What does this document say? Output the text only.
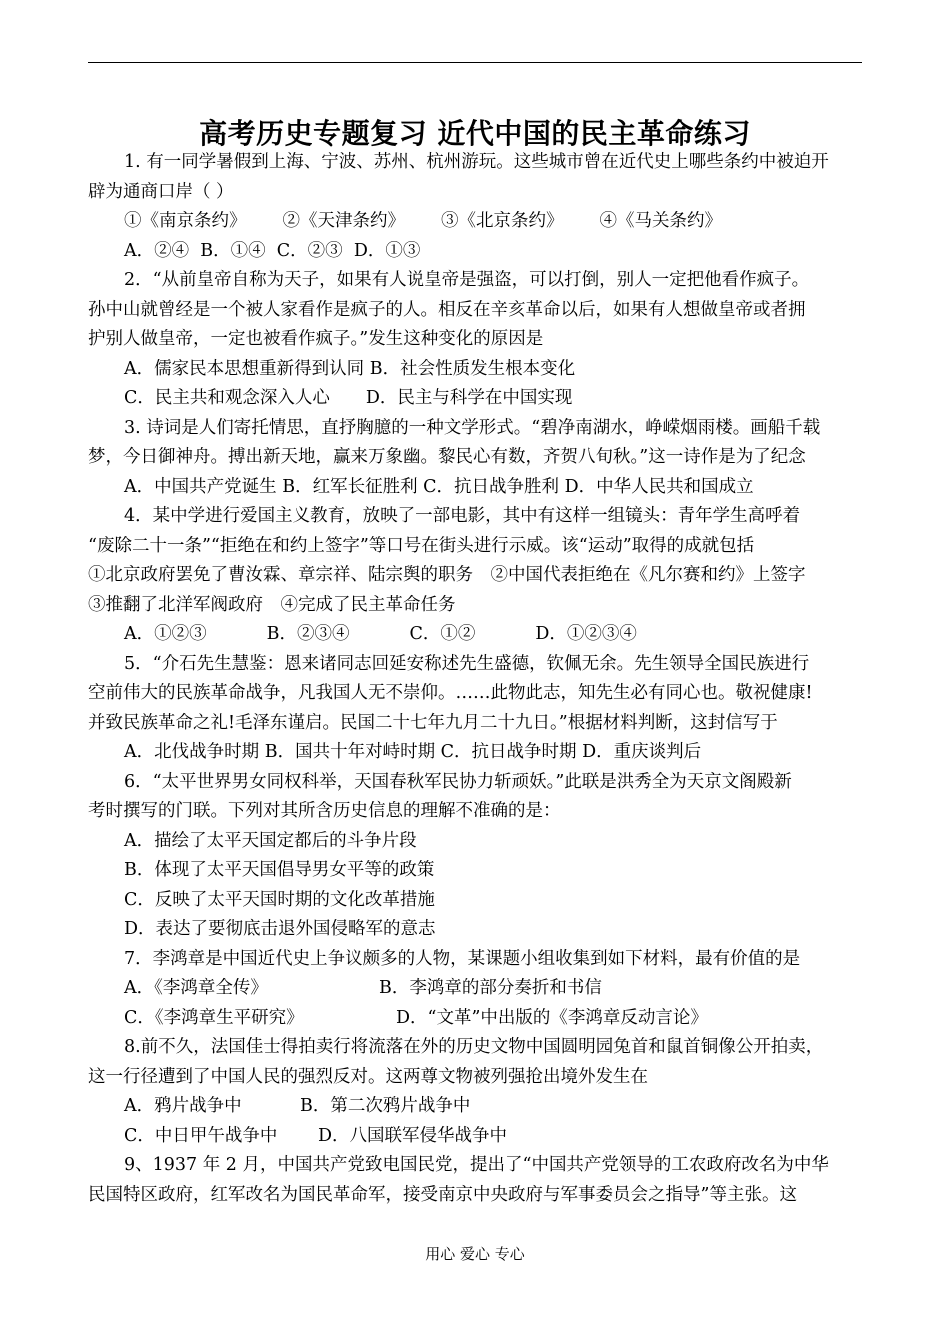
高考历史专题复习 近代中国的民主革命练习
1. 有一同学暑假到上海、宁波、苏州、杭州游玩。这些城市曾在近代史上哪些条约中被迫开
辟为通商口岸（ ）
①《南京条约》 ②《天津条约》 ③《北京条约》 ④《马关条约》
A．②④ B．①④ C．②③ D．①③
2．“从前皇帝自称为天子，如果有人说皇帝是强盗，可以打倒，别人一定把他看作疯子。
孙中山就曾经是一个被人家看作是疯子的人。相反在辛亥革命以后，如果有人想做皇帝或者拥
护别人做皇帝，一定也被看作疯子。”发生这种变化的原因是
A．儒家民本思想重新得到认同 B．社会性质发生根本变化
C．民主共和观念深入人心 D．民主与科学在中国实现
3. 诗词是人们寄托情思，直抒胸臆的一种文学形式。“碧净南湖水，峥嵘烟雨楼。画船千载
梦，今日御神舟。搏出新天地，赢来万象幽。黎民心有数，齐贺八旬秋。”这一诗作是为了纪念
A．中国共产党诞生 B．红军长征胜利 C．抗日战争胜利 D．中华人民共和国成立
4．某中学进行爱国主义教育，放映了一部电影，其中有这样一组镜头：青年学生高呼着
“废除二十一条”“拒绝在和约上签字”等口号在街头进行示威。该“运动”取得的成就包括
①北京政府罢免了曹汝霖、章宗祥、陆宗舆的职务　②中国代表拒绝在《凡尔赛和约》上签字
③推翻了北洋军阀政府　④完成了民主革命任务
A．①②③	B．②③④	C．①②	D．①②③④
5．“介石先生慧鉴：恩来诸同志回延安称述先生盛德，钦佩无余。先生领导全国民族进行
空前伟大的民族革命战争，凡我国人无不崇仰。……此物此志，知先生必有同心也。敬祝健康!
并致民族革命之礼!毛泽东谨启。民国二十七年九月二十九日。”根据材料判断，这封信写于
A．北伐战争时期 B．国共十年对峙时期 C．抗日战争时期 D．重庆谈判后
6．“太平世界男女同权科举，天国春秋军民协力斩顽妖。”此联是洪秀全为天京文阁殿新
考时撰写的门联。下列对其所含历史信息的理解不准确的是：
A．描绘了太平天国定都后的斗争片段
B．体现了太平天国倡导男女平等的政策
C．反映了太平天国时期的文化改革措施
D．表达了要彻底击退外国侵略军的意志
7．李鸿章是中国近代史上争议颇多的人物，某课题小组收集到如下材料，最有价值的是
A．《李鸿章全传》	B．李鸿章的部分奏折和书信
C．《李鸿章生平研究》	D．“文革”中出版的《李鸿章反动言论》
8.前不久，法国佳士得拍卖行将流落在外的历史文物中国圆明园兔首和鼠首铜像公开拍卖，
这一行径遭到了中国人民的强烈反对。这两尊文物被列强抢出境外发生在
A．鸦片战争中	B．第二次鸦片战争中
C．中日甲午战争中 D．八国联军侵华战争中
9、1937 年 2 月，中国共产党致电国民党，提出了“中国共产党领导的工农政府改名为中华
民国特区政府，红军改名为国民革命军，接受南京中央政府与军事委员会之指导”等主张。这
用心 爱心 专心
